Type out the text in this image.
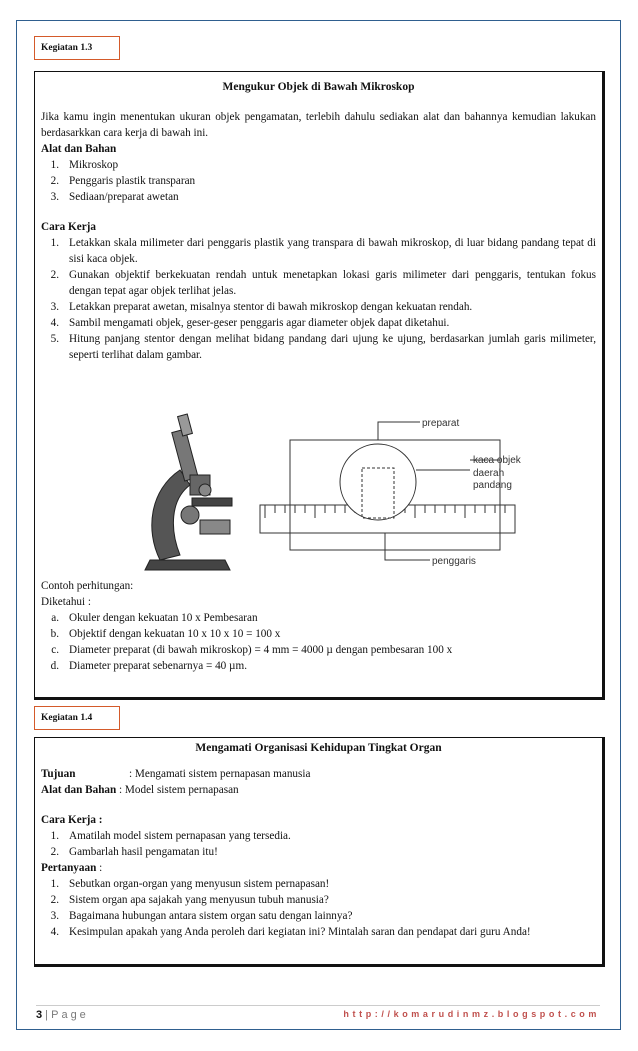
Kegiatan 1.3
Mengukur Objek di Bawah Mikroskop
Jika kamu ingin menentukan ukuran objek pengamatan, terlebih dahulu sediakan alat dan bahannya kemudian lakukan berdasarkkan cara kerja di bawah ini.
Alat dan Bahan
1. Mikroskop
2. Penggaris plastik transparan
3. Sediaan/preparat awetan
Cara Kerja
1. Letakkan skala milimeter dari penggaris plastik yang transpara di bawah mikroskop, di luar bidang pandang tepat di sisi kaca objek.
2. Gunakan objektif berkekuatan rendah untuk menetapkan lokasi garis milimeter dari penggaris, tentukan fokus dengan tepat agar objek terlihat jelas.
3. Letakkan preparat awetan, misalnya stentor di bawah mikroskop dengan kekuatan rendah.
4. Sambil mengamati objek, geser-geser penggaris agar diameter objek dapat diketahui.
5. Hitung panjang stentor dengan melihat bidang pandang dari ujung ke ujung, berdasarkan jumlah garis milimeter, seperti terlihat dalam gambar.
preparat
kaca objek
daerah
pandang
penggaris
Contoh perhitungan:
Diketahui :
a. Okuler dengan kekuatan 10 x Pembesaran
b. Objektif dengan kekuatan 10 x 10 x 10 = 100 x
c. Diameter preparat (di bawah mikroskop) = 4 mm = 4000 µ dengan pembesaran 100 x
d. Diameter preparat sebenarnya = 40 µm.
Kegiatan 1.4
Mengamati Organisasi Kehidupan Tingkat Organ
Tujuan	: Mengamati sistem pernapasan manusia
Alat dan Bahan
: Model sistem pernapasan
Cara Kerja :
1. Amatilah model sistem pernapasan yang tersedia.
2. Gambarlah hasil pengamatan itu!
Pertanyaan :
1. Sebutkan organ-organ yang menyusun sistem pernapasan!
2. Sistem organ apa sajakah yang menyusun tubuh manusia?
3. Bagaimana hubungan antara sistem organ satu dengan lainnya?
4. Kesimpulan apakah yang Anda peroleh dari kegiatan ini? Mintalah saran dan pendapat dari guru Anda!
3 | Page	http://komarudinmz.blogspot.com
